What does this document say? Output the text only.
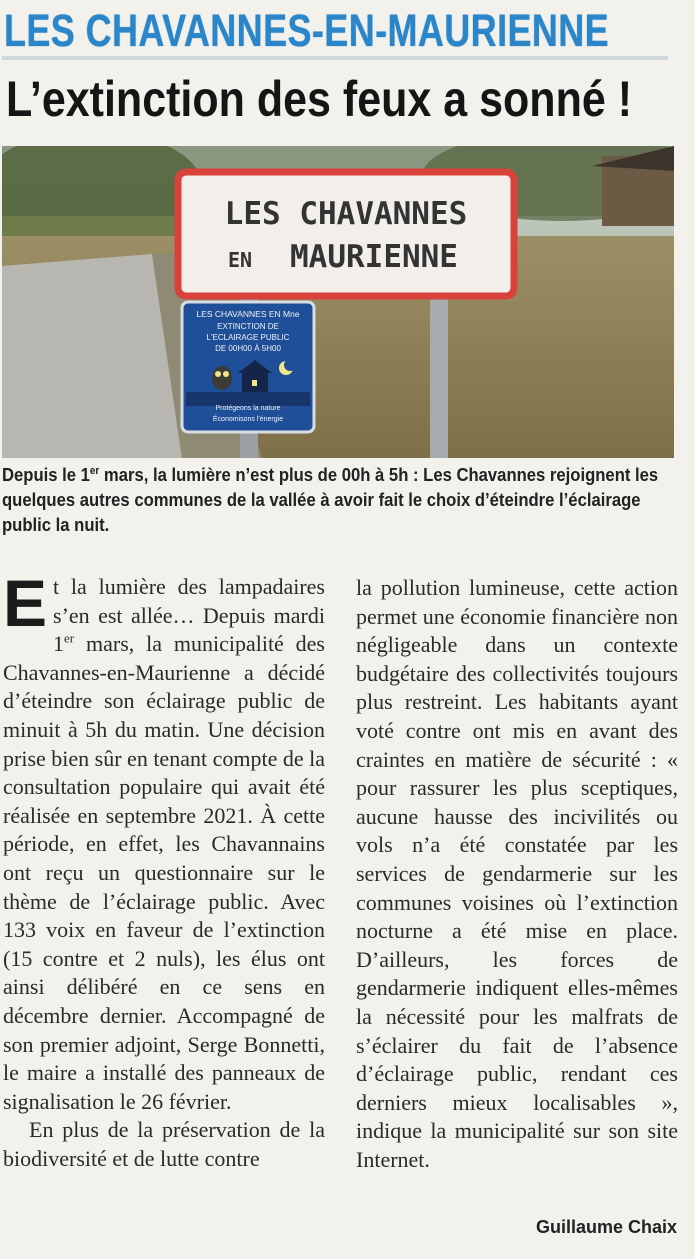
LES CHAVANNES-EN-MAURIENNE
L’extinction des feux a sonné !
LES CHAVANNES
EN MAURIENNE
LES CHAVANNES EN Mne
EXTINCTION DE
L'ECLAIRAGE PUBLIC
DE 00H00 À 5H00
Protégeons la nature
Économisons l'énergie
Depuis le 1er mars, la lumière n’est plus de 00h à 5h : Les Chavannes rejoignent les quelques autres communes de la vallée à avoir fait le choix d’éteindre l’éclairage public la nuit.

Et la lumière des lampadaires s’en est allée… Depuis mardi 1er mars, la municipalité des Chavannes-en-Maurienne a décidé d’éteindre son éclairage public de minuit à 5h du matin. Une décision prise bien sûr en tenant compte de la consultation populaire qui avait été réalisée en septembre 2021. À cette période, en effet, les Chavannains ont reçu un questionnaire sur le thème de l’éclairage public. Avec 133 voix en faveur de l’extinction (15 contre et 2 nuls), les élus ont ainsi délibéré en ce sens en décembre dernier. Accompagné de son premier adjoint, Serge Bonnetti, le maire a installé des panneaux de signalisation le 26 février.

En plus de la préservation de la biodiversité et de lutte contre

la pollution lumineuse, cette action permet une économie financière non négligeable dans un contexte budgétaire des collectivités toujours plus restreint. Les habitants ayant voté contre ont mis en avant des craintes en matière de sécurité : « pour rassurer les plus sceptiques, aucune hausse des incivilités ou vols n’a été constatée par les services de gendarmerie sur les communes voisines où l’extinction nocturne a été mise en place. D’ailleurs, les forces de gendarmerie indiquent elles-mêmes la nécessité pour les malfrats de s’éclairer du fait de l’absence d’éclairage public, rendant ces derniers mieux localisables », indique la municipalité sur son site Internet.

Guillaume Chaix
